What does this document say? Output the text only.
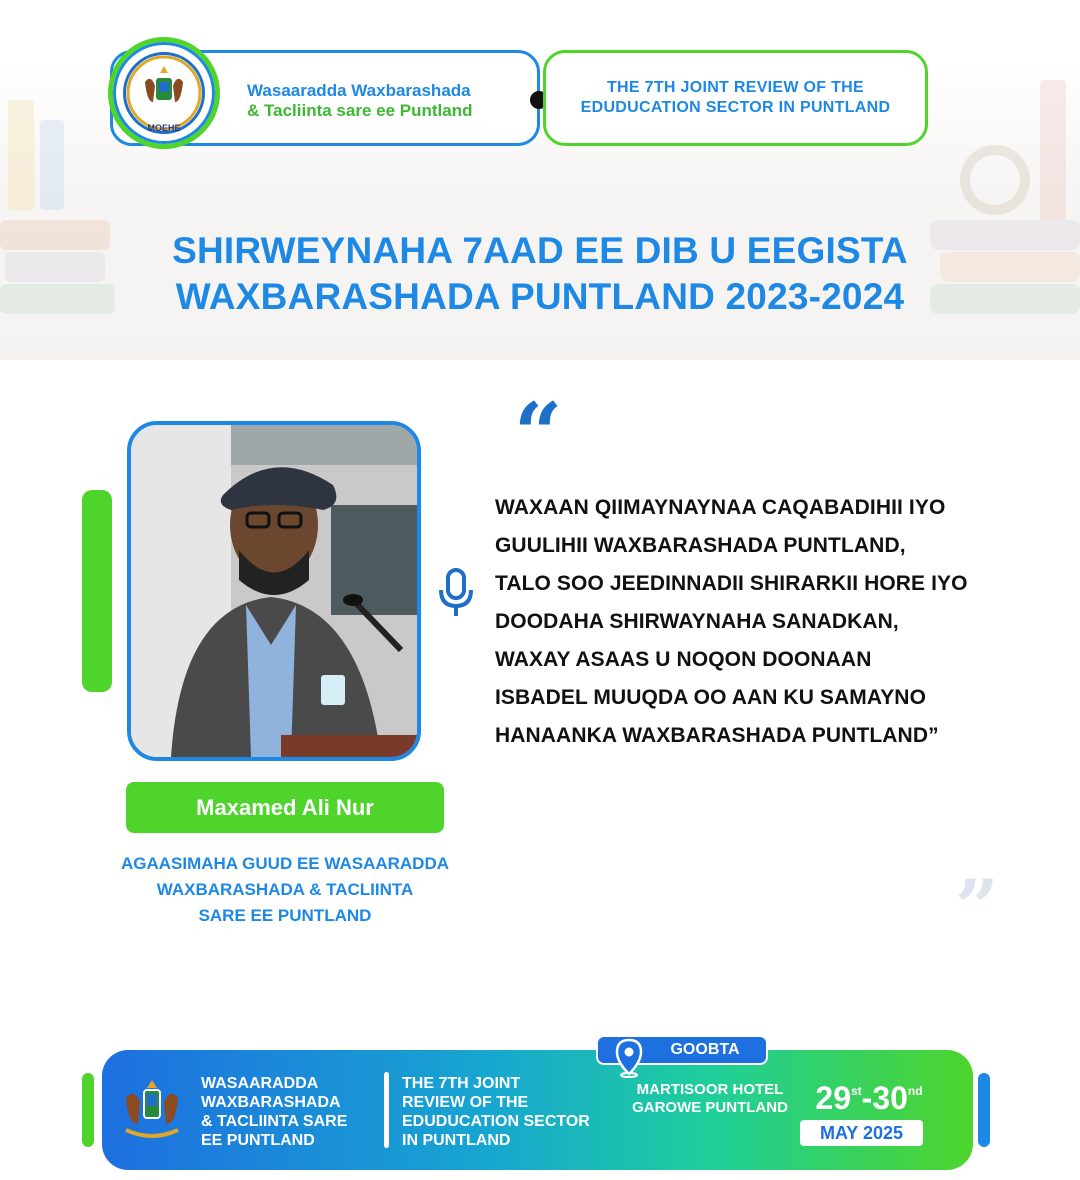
Wasaaradda Waxbarashada
& Tacliinta sare ee Puntland
MOEHE
THE 7TH JOINT REVIEW OF THE
EDUDUCATION SECTOR IN PUNTLAND
SHIRWEYNAHA 7AAD EE DIB U EEGISTA
WAXBARASHADA PUNTLAND 2023-2024
Maxamed Ali Nur
AGAASIMAHA GUUD EE WASAARADDA
WAXBARASHADA & TACLIINTA
SARE EE PUNTLAND
“
WAXAAN QIIMAYNAYNAA CAQABADIHII IYO
GUULIHII WAXBARASHADA PUNTLAND,
TALO SOO JEEDINNADII SHIRARKII HORE IYO
DOODAHA SHIRWAYNAHA SANADKAN,
WAXAY ASAAS U NOQON DOONAAN
ISBADEL MUUQDA OO AAN KU SAMAYNO
HANAANKA WAXBARASHADA PUNTLAND”
”
WASAARADDA
WAXBARASHADA
& TACLIINTA SARE
EE PUNTLAND
THE 7TH JOINT
REVIEW OF THE
EDUDUCATION SECTOR
IN PUNTLAND
MARTISOOR HOTEL
GAROWE PUNTLAND 29st-30nd
MAY 2025
GOOBTA
